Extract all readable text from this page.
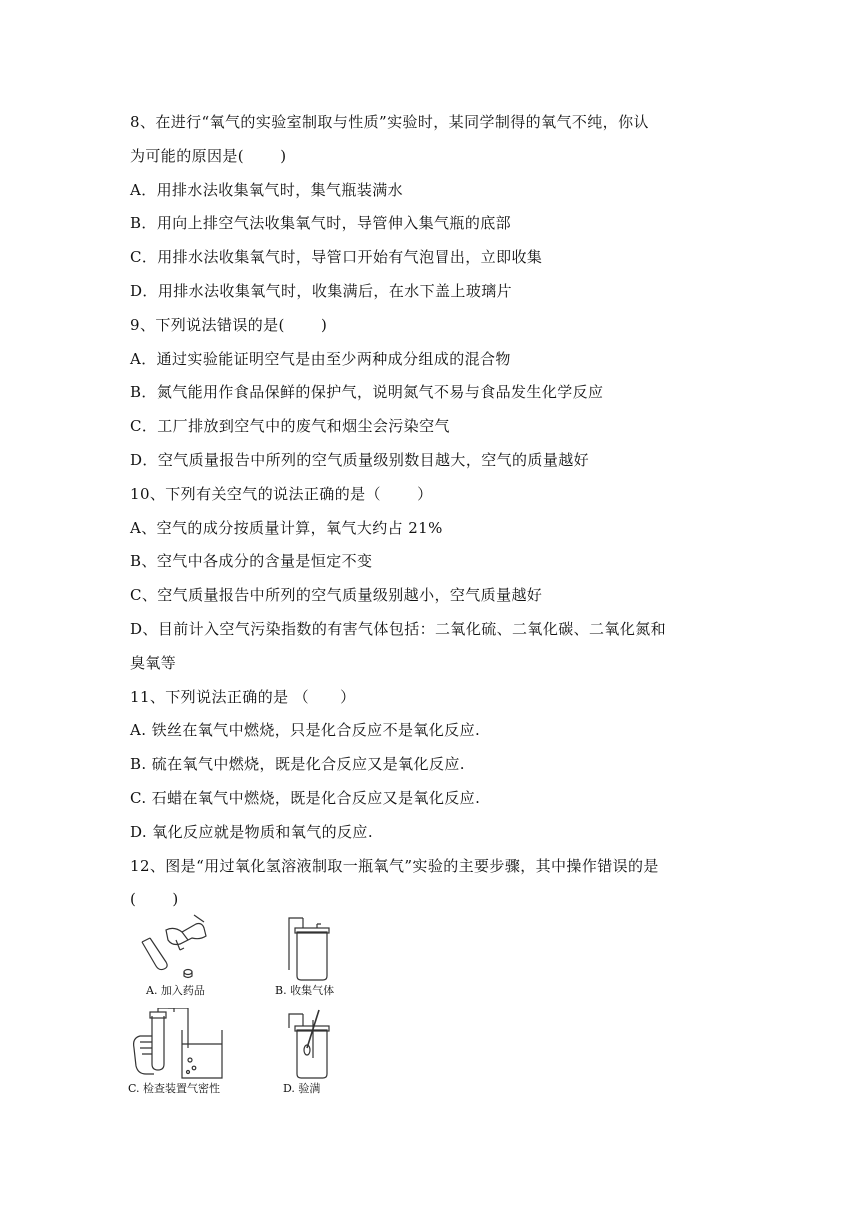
8、在进行“氧气的实验室制取与性质”实验时，某同学制得的氧气不纯，你认
为可能的原因是(       )
A．用排水法收集氧气时，集气瓶装满水
B．用向上排空气法收集氧气时，导管伸入集气瓶的底部
C．用排水法收集氧气时，导管口开始有气泡冒出，立即收集
D．用排水法收集氧气时，收集满后，在水下盖上玻璃片
9、下列说法错误的是(       )
A．通过实验能证明空气是由至少两种成分组成的混合物
B．氮气能用作食品保鲜的保护气，说明氮气不易与食品发生化学反应
C．工厂排放到空气中的废气和烟尘会污染空气
D．空气质量报告中所列的空气质量级别数目越大，空气的质量越好
10、下列有关空气的说法正确的是（       ）
A、空气的成分按质量计算，氧气大约占 21%
B、空气中各成分的含量是恒定不变
C、空气质量报告中所列的空气质量级别越小，空气质量越好
D、目前计入空气污染指数的有害气体包括：二氧化硫、二氧化碳、二氧化氮和
臭氧等
11、下列说法正确的是 （      ）
A. 铁丝在氧气中燃烧，只是化合反应不是氧化反应.
B. 硫在氧气中燃烧，既是化合反应又是氧化反应.
C. 石蜡在氧气中燃烧，既是化合反应又是氧化反应.
D. 氧化反应就是物质和氧气的反应.
12、图是“用过氧化氢溶液制取一瓶氧气”实验的主要步骤，其中操作错误的是
(       )
A. 加入药品	B. 收集气体
C. 检查装置气密性	D. 验满
